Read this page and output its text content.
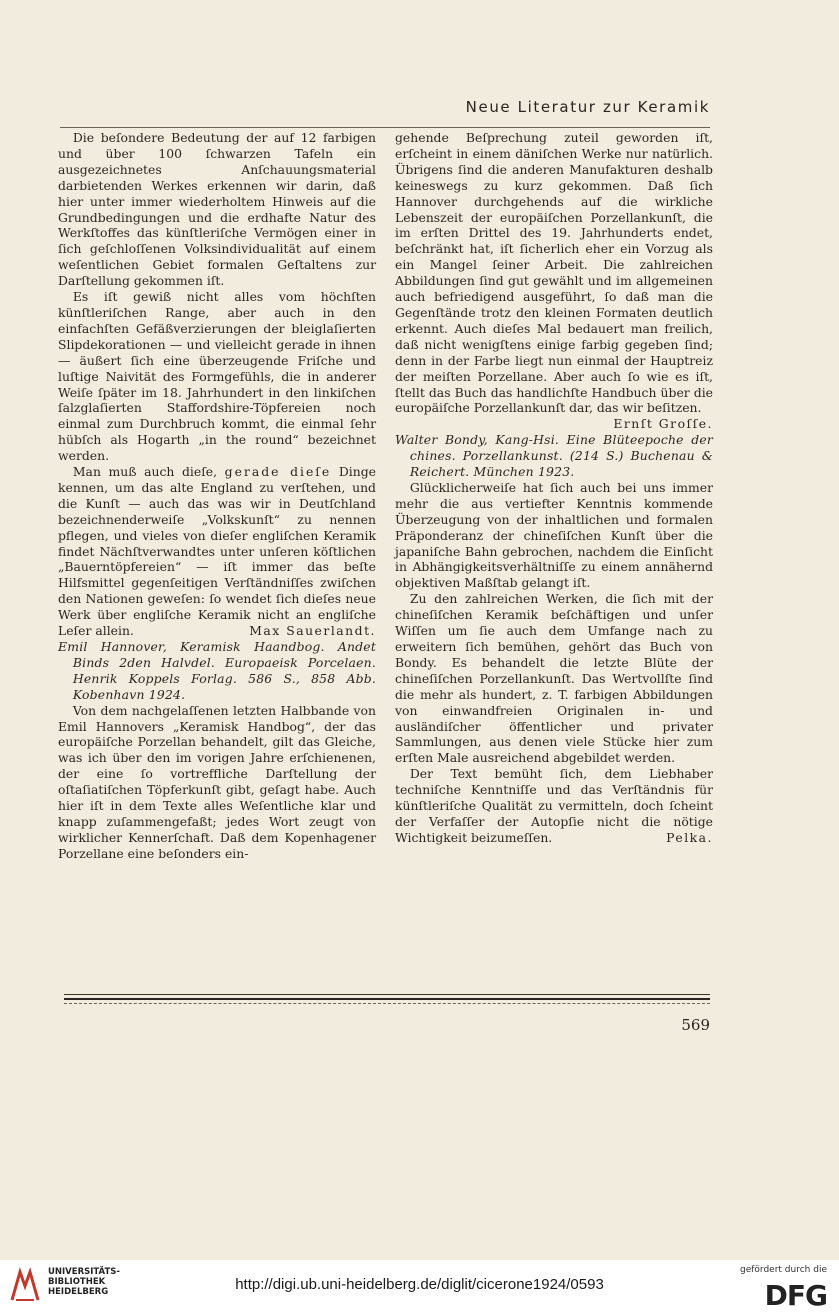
Neue Literatur zur Keramik

Die beſondere Bedeutung der auf 12 farbigen und über 100 ſchwarzen Tafeln ein ausgezeichnetes Anſchauungsmaterial darbietenden Werkes erkennen wir darin, daß hier unter immer wiederholtem Hinweis auf die Grundbedingungen und die erdhafte Natur des Werkſtoffes das künſtleriſche Vermögen einer in ſich geſchloſſenen Volksindividualität auf einem weſentlichen Gebiet formalen Geſtaltens zur Darſtellung gekommen iſt.

Es iſt gewiß nicht alles vom höchſten künſtleriſchen Range, aber auch in den einfachſten Gefäßverzierungen der bleiglaſierten Slipdekorationen — und vielleicht gerade in ihnen — äußert ſich eine überzeugende Friſche und luſtige Naivität des Formgefühls, die in anderer Weiſe ſpäter im 18. Jahrhundert in den linkiſchen ſalzglaſierten Staffordshire-Töpfereien noch einmal zum Durchbruch kommt, die einmal ſehr hübſch als Hogarth „in the round“ bezeichnet werden.

Man muß auch dieſe, gerade dieſe Dinge kennen, um das alte England zu verſtehen, und die Kunſt — auch das was wir in Deutſchland bezeichnenderweiſe „Volkskunſt“ zu nennen pflegen, und vieles von dieſer engliſchen Keramik findet Nächſtverwandtes unter unſeren köſtlichen „Bauerntöpfereien“ — iſt immer das beſte Hilfsmittel gegenſeitigen Verſtändniſſes zwiſchen den Nationen geweſen: ſo wendet ſich dieſes neue Werk über engliſche Keramik nicht an engliſche Leſer allein.	Max Sauerlandt.

Emil Hannover, Keramisk Haandbog. Andet Binds 2den Halvdel. Europaeisk Porcelaen. Henrik Koppels Forlag. 586 S., 858 Abb. Kobenhavn 1924.

Von dem nachgelaſſenen letzten Halbbande von Emil Hannovers „Keramisk Handbog“, der das europäiſche Porzellan behandelt, gilt das Gleiche, was ich über den im vorigen Jahre erſchienenen, der eine ſo vortreffliche Darſtellung der oſtaſiatiſchen Töpferkunſt gibt, geſagt habe. Auch hier iſt in dem Texte alles Weſentliche klar und knapp zuſammengefaßt; jedes Wort zeugt von wirklicher Kennerſchaft. Daß dem Kopenhagener Porzellane eine beſonders ein-

gehende Beſprechung zuteil geworden iſt, erſcheint in einem däniſchen Werke nur natürlich. Übrigens ſind die anderen Manufakturen deshalb keineswegs zu kurz gekommen. Daß ſich Hannover durchgehends auf die wirkliche Lebenszeit der europäiſchen Porzellankunſt, die im erſten Drittel des 19. Jahrhunderts endet, beſchränkt hat, iſt ſicherlich eher ein Vorzug als ein Mangel ſeiner Arbeit. Die zahlreichen Abbildungen ſind gut gewählt und im allgemeinen auch befriedigend ausgeführt, ſo daß man die Gegenſtände trotz den kleinen Formaten deutlich erkennt. Auch dieſes Mal bedauert man freilich, daß nicht wenigſtens einige farbig gegeben ſind; denn in der Farbe liegt nun einmal der Hauptreiz der meiſten Porzellane. Aber auch ſo wie es iſt, ſtellt das Buch das handlichſte Handbuch über die europäiſche Porzellankunſt dar, das wir beſitzen.

Ernſt Groſſe.

Walter Bondy, Kang-Hsi. Eine Blüteepoche der chines. Porzellankunst. (214 S.) Buchenau & Reichert. München 1923.

Glücklicherweiſe hat ſich auch bei uns immer mehr die aus vertiefter Kenntnis kommende Überzeugung von der inhaltlichen und formalen Präponderanz der chineſiſchen Kunſt über die japaniſche Bahn gebrochen, nachdem die Einſicht in Abhängigkeitsverhältniſſe zu einem annähernd objektiven Maßſtab gelangt iſt.

Zu den zahlreichen Werken, die ſich mit der chineſiſchen Keramik beſchäftigen und unſer Wiſſen um ſie auch dem Umfange nach zu erweitern ſich bemühen, gehört das Buch von Bondy. Es behandelt die letzte Blüte der chineſiſchen Porzellankunſt. Das Wertvollſte ſind die mehr als hundert, z. T. farbigen Abbildungen von einwandfreien Originalen in- und ausländiſcher öffentlicher und privater Sammlungen, aus denen viele Stücke hier zum erſten Male ausreichend abgebildet werden.

Der Text bemüht ſich, dem Liebhaber techniſche Kenntniſſe und das Verſtändnis für künſtleriſche Qualität zu vermitteln, doch ſcheint der Verfaſſer der Autopſie nicht die nötige Wichtigkeit beizumeſſen.	Pelka.

569
UNIVERSITÄTS-
BIBLIOTHEK
HEIDELBERG	http://digi.ub.uni-heidelberg.de/diglit/cicerone1924/0593
gefördert durch die
DFG
